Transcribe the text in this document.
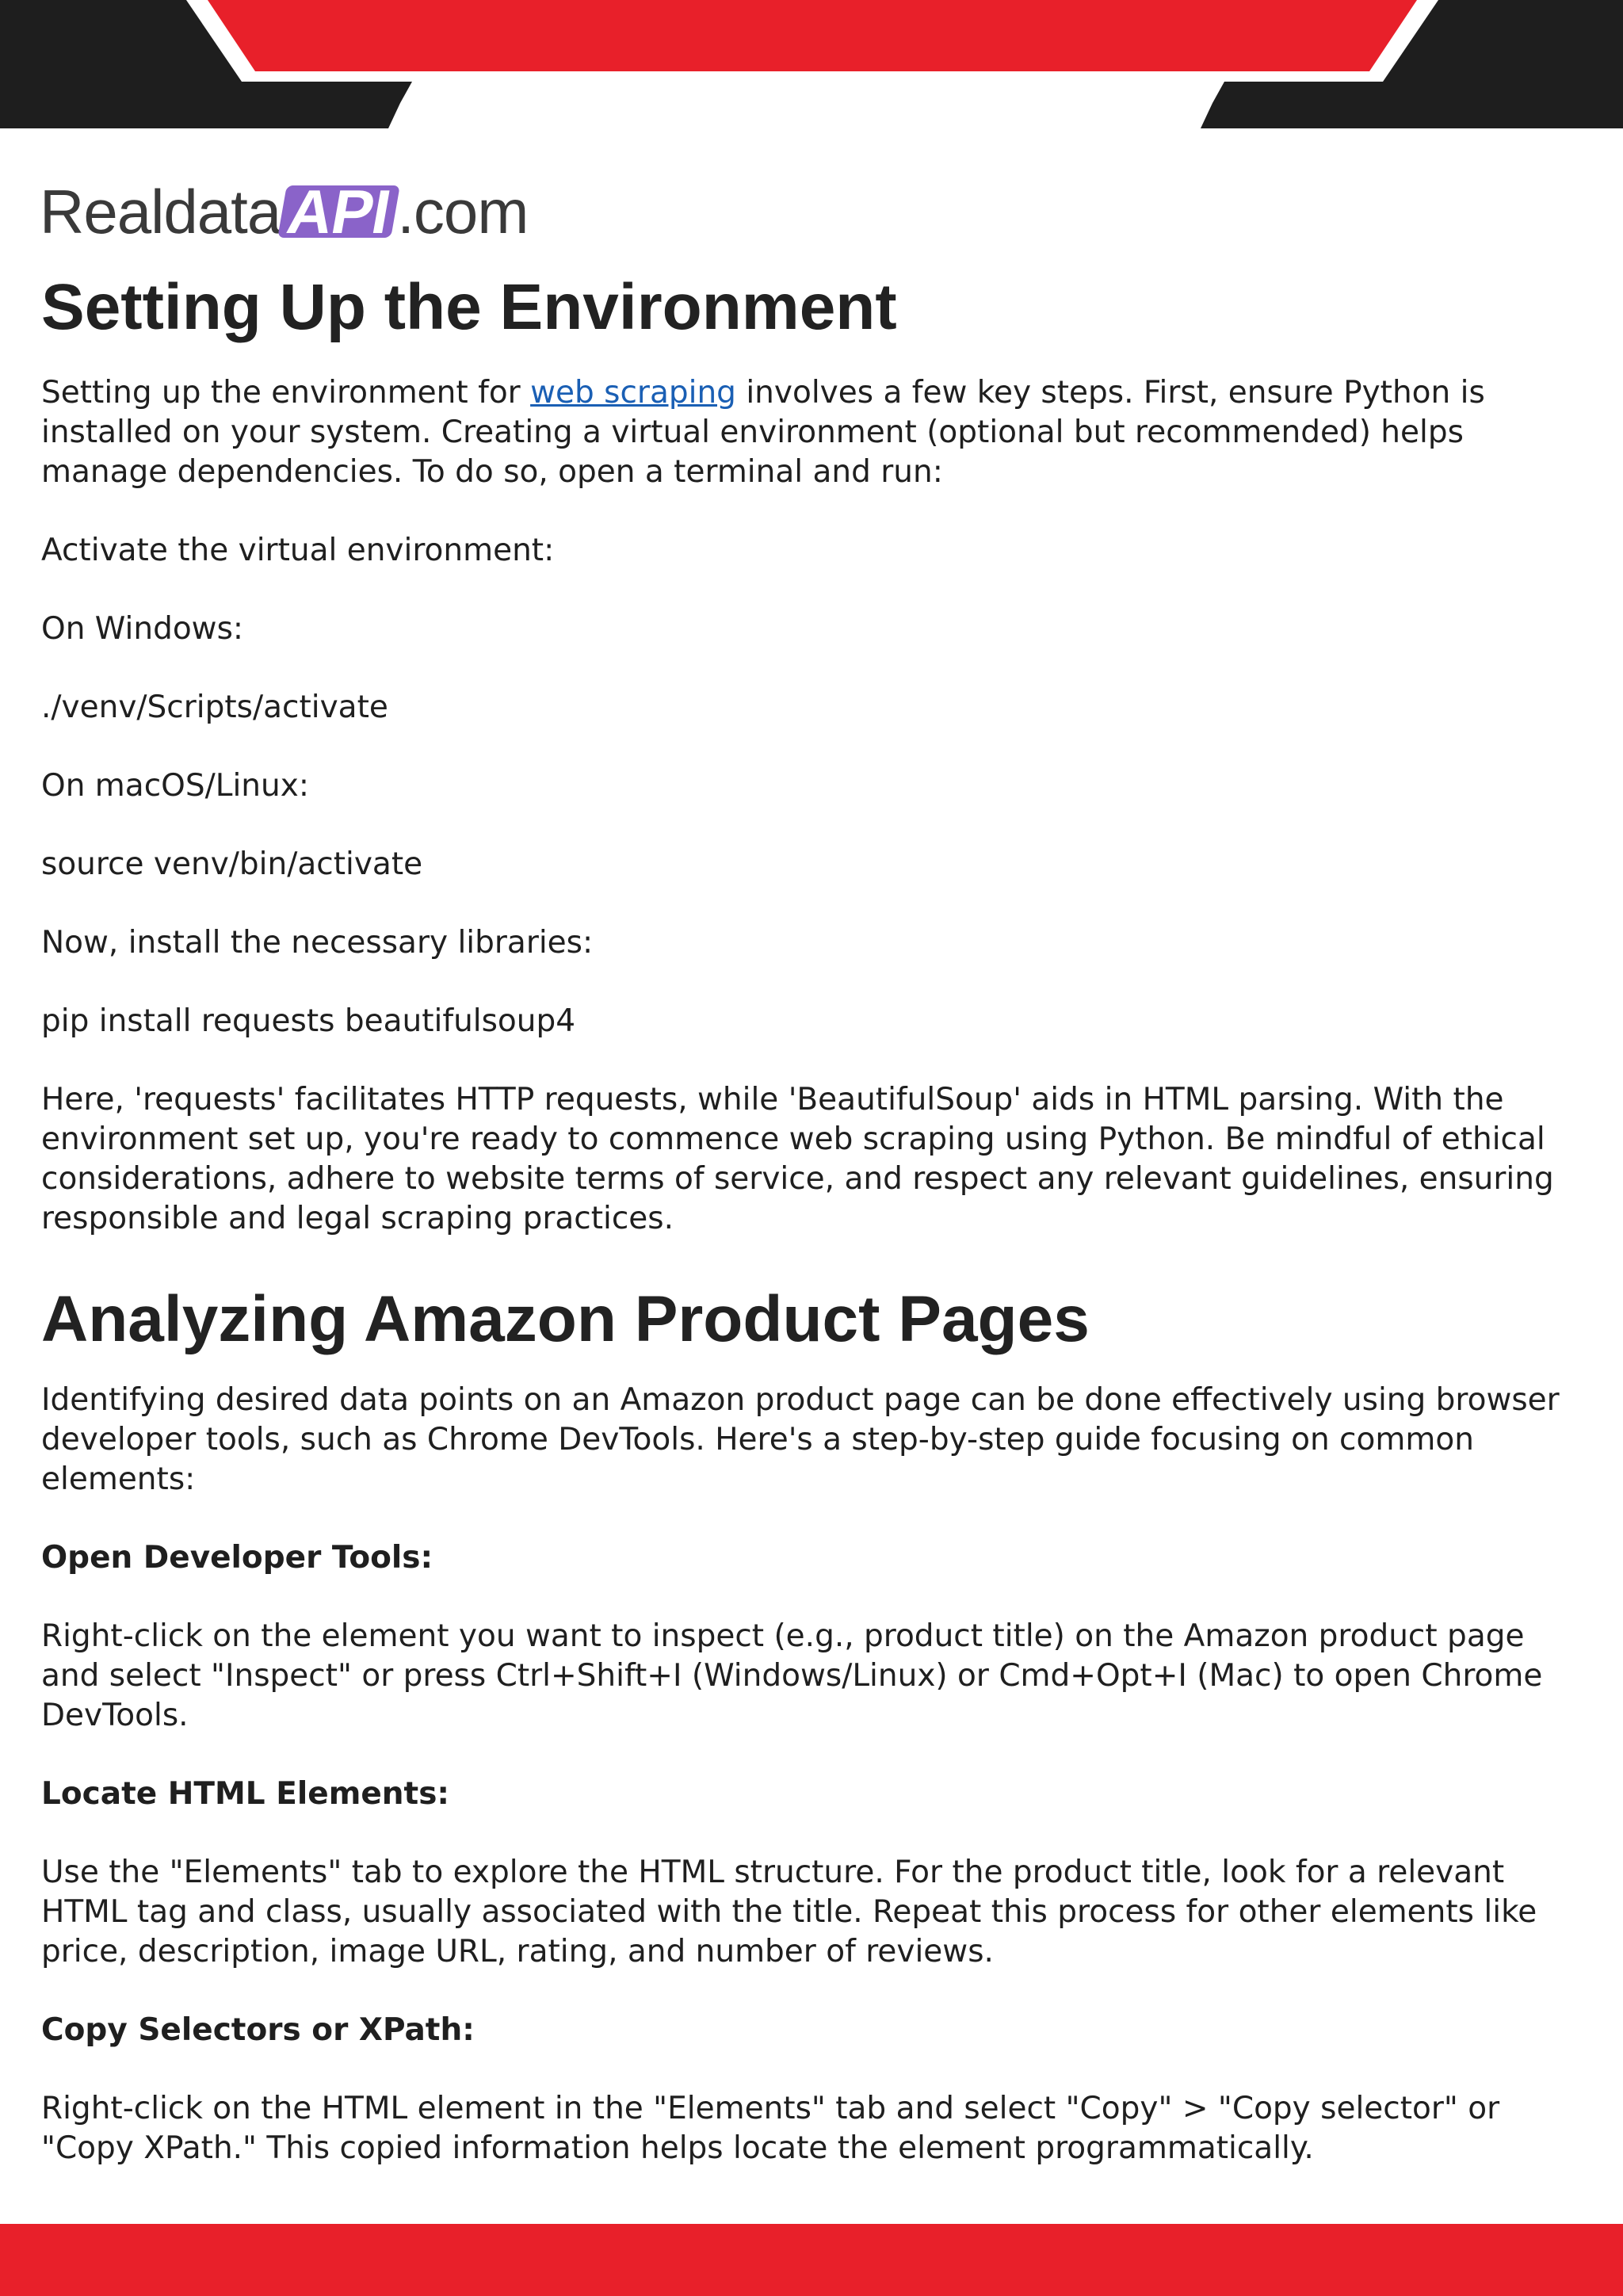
Realdata API .com
Setting Up the Environment

Setting up the environment for web scraping involves a few key steps. First, ensure Python is installed on your system. Creating a virtual environment (optional but recommended) helps manage dependencies. To do so, open a terminal and run:

Activate the virtual environment:

On Windows:

./venv/Scripts/activate

On macOS/Linux:

source venv/bin/activate

Now, install the necessary libraries:

pip install requests beautifulsoup4

Here, 'requests' facilitates HTTP requests, while 'BeautifulSoup' aids in HTML parsing. With the environment set up, you're ready to commence web scraping using Python. Be mindful of ethical considerations, adhere to website terms of service, and respect any relevant guidelines, ensuring responsible and legal scraping practices.

Analyzing Amazon Product Pages

Identifying desired data points on an Amazon product page can be done effectively using browser developer tools, such as Chrome DevTools. Here's a step-by-step guide focusing on common elements:

Open Developer Tools:

Right-click on the element you want to inspect (e.g., product title) on the Amazon product page and select "Inspect" or press Ctrl+Shift+I (Windows/Linux) or Cmd+Opt+I (Mac) to open Chrome DevTools.

Locate HTML Elements:

Use the "Elements" tab to explore the HTML structure. For the product title, look for a relevant HTML tag and class, usually associated with the title. Repeat this process for other elements like price, description, image URL, rating, and number of reviews.

Copy Selectors or XPath:

Right-click on the HTML element in the "Elements" tab and select "Copy" > "Copy selector" or "Copy XPath." This copied information helps locate the element programmatically.
